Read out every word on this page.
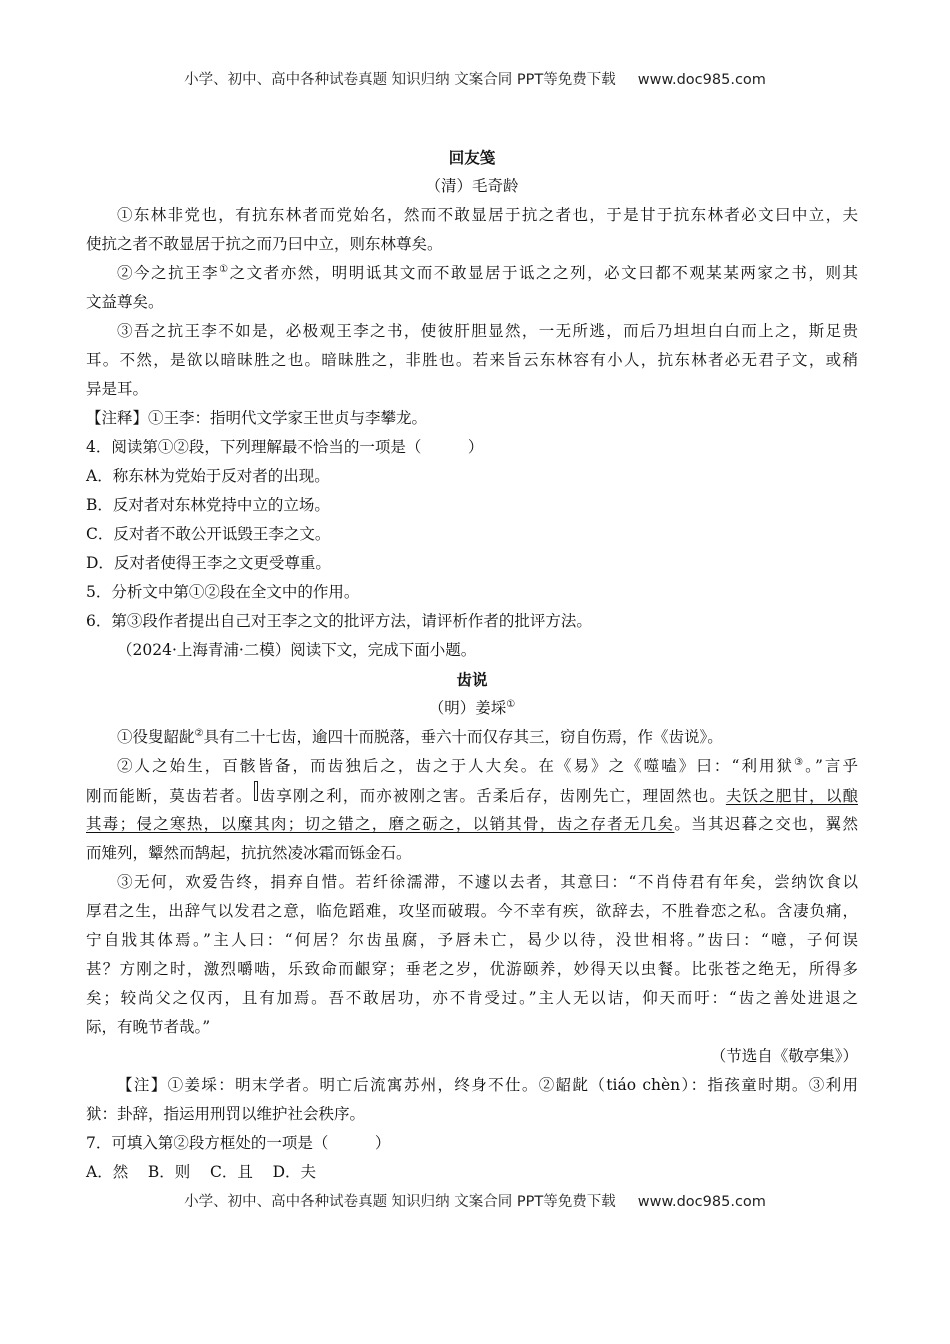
小学、初中、高中各种试卷真题 知识归纳 文案合同 PPT等免费下载 www.doc985.com
回友笺
（清）毛奇龄
①东林非党也，有抗东林者而党始名，然而不敢显居于抗之者也，于是甘于抗东林者必文曰中立，夫
使抗之者不敢显居于抗之而乃曰中立，则东林尊矣。
②今之抗王李①之文者亦然，明明诋其文而不敢显居于诋之之列，必文曰都不观某某两家之书，则其
文益尊矣。
③吾之抗王李不如是，必极观王李之书，使彼肝胆显然，一无所逃，而后乃坦坦白白而上之，斯足贵
耳。不然，是欲以暗昧胜之也。暗昧胜之，非胜也。若来旨云东林容有小人，抗东林者必无君子文，或稍
异是耳。
【注释】①王李：指明代文学家王世贞与李攀龙。
4．阅读第①②段，下列理解最不恰当的一项是（　　　）
A．称东林为党始于反对者的出现。
B．反对者对东林党持中立的立场。
C．反对者不敢公开诋毁王李之文。
D．反对者使得王李之文更受尊重。
5．分析文中第①②段在全文中的作用。
6．第③段作者提出自己对王李之文的批评方法，请评析作者的批评方法。
（2024·上海青浦·二模）阅读下文，完成下面小题。
齿说
（明）姜埰①
①役叟龆龀②具有二十七齿，逾四十而脱落，垂六十而仅存其三，窃自伤焉，作《齿说》。
②人之始生，百骸皆备，而齿独后之，齿之于人大矣。在《易》之《噬嗑》曰：“利用狱③。”言乎
刚而能断，莫齿若者。 齿享刚之利，而亦被刚之害。舌柔后存，齿刚先亡，理固然也。夫饫之肥甘，以酿
其毒；侵之寒热，以糜其肉；切之错之，磨之砺之，以销其骨，齿之存者无几矣。当其迟暮之交也，翼然
而雉列，颦然而鹄起，抗抗然凌冰霜而铄金石。
③无何，欢爱告终，捐弃自惜。若纤徐濡滞，不遽以去者，其意曰：“不肖侍君有年矣，尝纳饮食以
厚君之生，出辞气以发君之意，临危蹈难，攻坚而破瑕。今不幸有疾，欲辞去，不胜眷恋之私。含凄负痛，
宁自戕其体焉。”主人曰：“何居？尔齿虽腐，予唇未亡，曷少以待，没世相将。”齿曰：“噫，子何误
甚？方刚之时，激烈嚼啮，乐致命而齦穿；垂老之岁，优游颐养，妙得天以虫餐。比张苍之绝无，所得多
矣；较尚父之仅丙，且有加焉。吾不敢居功，亦不肯受过。”主人无以诘，仰天而吁：“齿之善处进退之
际，有晚节者哉。”
（节选自《敬亭集》）
【注】①姜埰：明末学者。明亡后流寓苏州，终身不仕。②龆龀（tiáo chèn）：指孩童时期。③利用
狱：卦辞，指运用刑罚以维护社会秩序。
7．可填入第②段方框处的一项是（　　　）
A．然    B．则    C．且    D．夫
小学、初中、高中各种试卷真题 知识归纳 文案合同 PPT等免费下载 www.doc985.com
